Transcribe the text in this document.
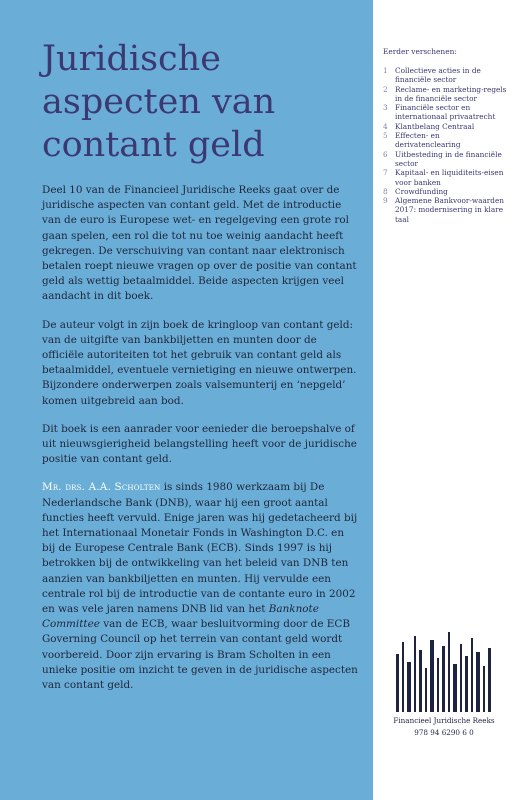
Juridische
aspecten van
contant geld

Deel 10 van de Financieel Juridische Reeks gaat over de juridische aspecten van contant geld. Met de introductie van de euro is Europese wet- en regelgeving een grote rol gaan spelen, een rol die tot nu toe weinig aandacht heeft gekregen. De verschuiving van contant naar elektronisch betalen roept nieuwe vragen op over de positie van contant geld als wettig betaalmiddel. Beide aspecten krijgen veel aandacht in dit boek.

De auteur volgt in zijn boek de kringloop van contant geld: van de uitgifte van bankbiljetten en munten door de officiële autoriteiten tot het gebruik van contant geld als betaalmiddel, eventuele vernietiging en nieuwe ontwerpen. Bijzondere onderwerpen zoals valsemunterij en ‘nepgeld’ komen uitgebreid aan bod.

Dit boek is een aanrader voor eenieder die beroepshalve of uit nieuwsgierigheid belangstelling heeft voor de juridische positie van contant geld.

Mr. drs. A.A. Scholten is sinds 1980 werkzaam bij De Nederlandsche Bank (DNB), waar hij een groot aantal functies heeft vervuld. Enige jaren was hij gedetacheerd bij het Internationaal Monetair Fonds in Washington D.C. en bij de Europese Centrale Bank (ECB). Sinds 1997 is hij betrokken bij de ontwikkeling van het beleid van DNB ten aanzien van bankbiljetten en munten. Hij vervulde een centrale rol bij de introductie van de contante euro in 2002 en was vele jaren namens DNB lid van het Banknote Committee van de ECB, waar besluitvorming door de ECB Governing Council op het terrein van contant geld wordt voorbereid. Door zijn ervaring is Bram Scholten in een unieke positie om inzicht te geven in de juridische aspecten van contant geld.

Eerder verschenen:
1	Collectieve acties in de financiële sector
2	Reclame- en marketing-regels in de financiële sector
3	Financiële sector en internationaal privaatrecht
4	Klantbelang Centraal
5	Effecten- en derivatenclearing
6	Uitbesteding in de financiële sector
7	Kapitaal- en liquiditeits-eisen voor banken
8	Crowdfunding
9	Algemene Bankvoor-waarden 2017: modernisering in klare taal
Financieel Juridische Reeks
978 94 6290 6 0
